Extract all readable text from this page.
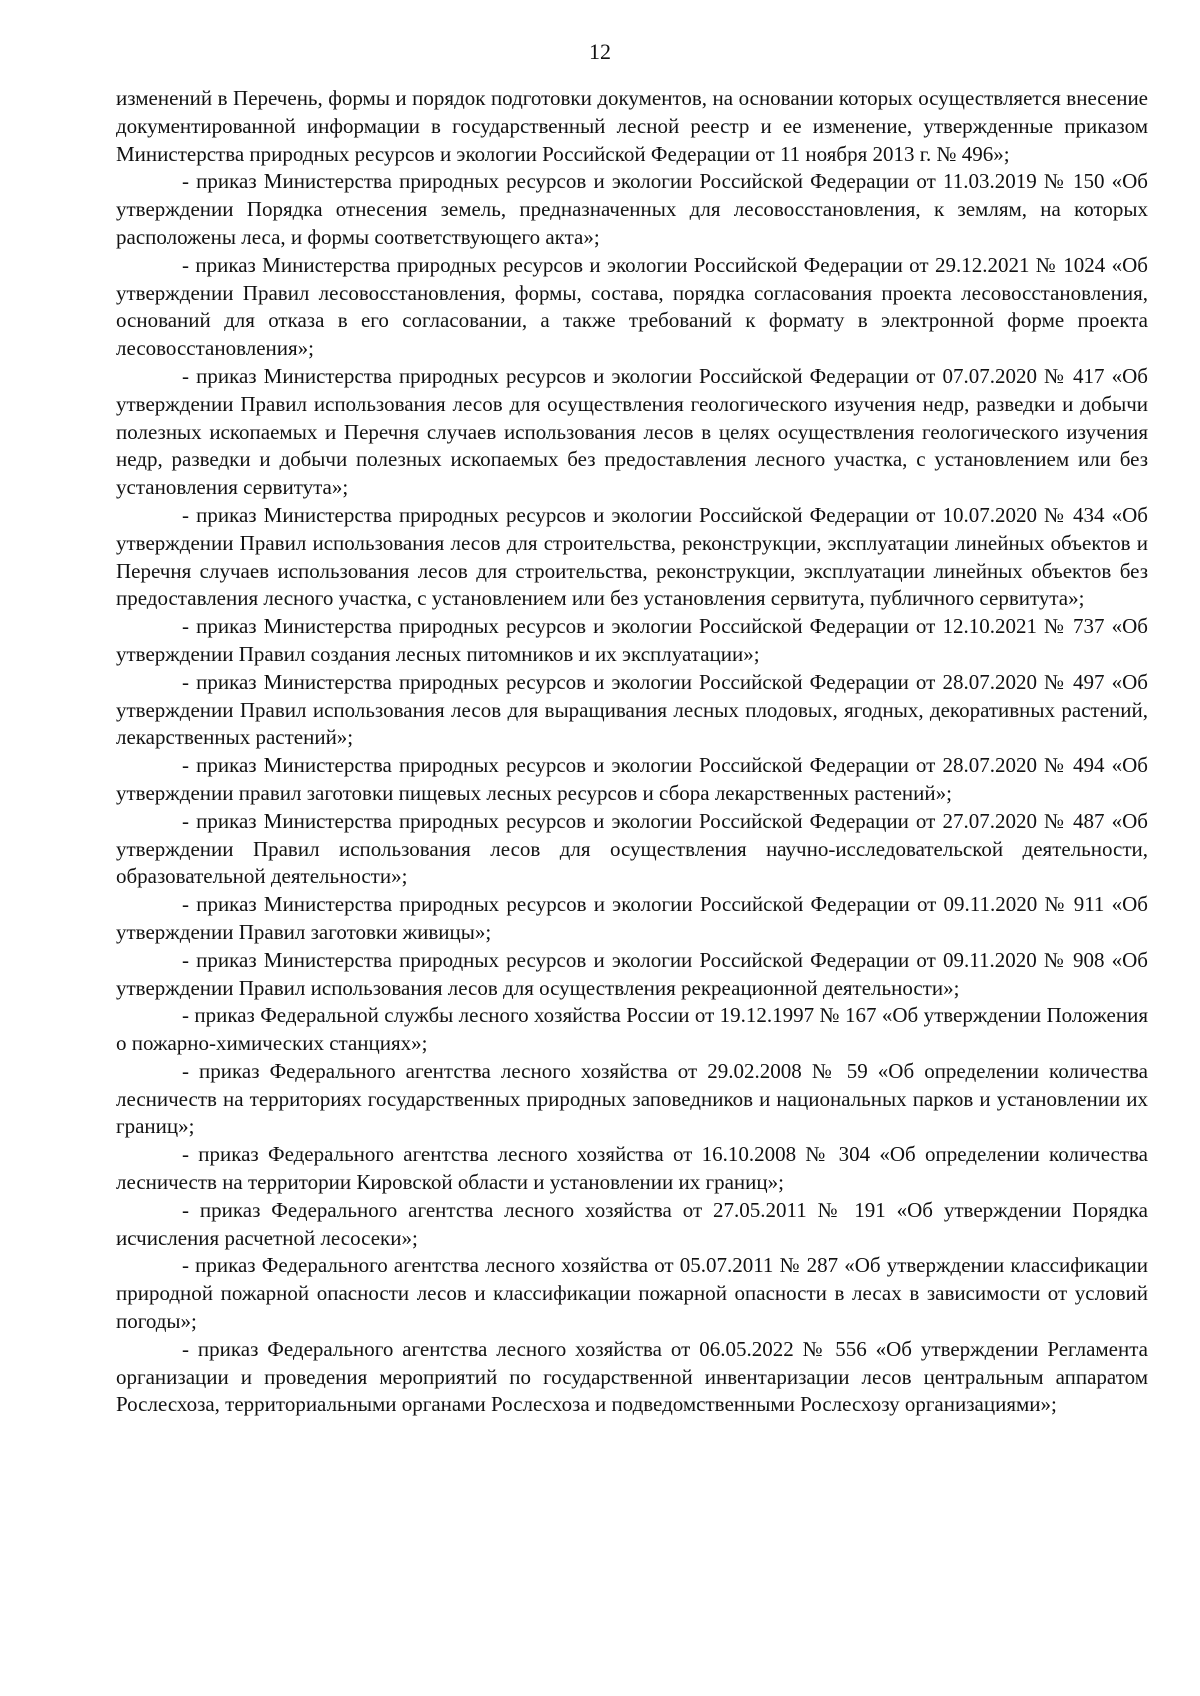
12

изменений в Перечень, формы и порядок подготовки документов, на основании которых осуществляется внесение документированной информации в государственный лесной реестр и ее изменение, утвержденные приказом Министерства природных ресурсов и экологии Российской Федерации от 11 ноября 2013 г. № 496»;

- приказ Министерства природных ресурсов и экологии Российской Федерации от 11.03.2019 № 150 «Об утверждении Порядка отнесения земель, предназначенных для лесовосстановления, к землям, на которых расположены леса, и формы соответствующего акта»;

- приказ Министерства природных ресурсов и экологии Российской Федерации от 29.12.2021 № 1024 «Об утверждении Правил лесовосстановления, формы, состава, порядка согласования проекта лесовосстановления, оснований для отказа в его согласовании, а также требований к формату в электронной форме проекта лесовосстановления»;

- приказ Министерства природных ресурсов и экологии Российской Федерации от 07.07.2020 № 417 «Об утверждении Правил использования лесов для осуществления геологического изучения недр, разведки и добычи полезных ископаемых и Перечня случаев использования лесов в целях осуществления геологического изучения недр, разведки и добычи полезных ископаемых без предоставления лесного участка, с установлением или без установления сервитута»;

- приказ Министерства природных ресурсов и экологии Российской Федерации от 10.07.2020 № 434 «Об утверждении Правил использования лесов для строительства, реконструкции, эксплуатации линейных объектов и Перечня случаев использования лесов для строительства, реконструкции, эксплуатации линейных объектов без предоставления лесного участка, с установлением или без установления сервитута, публичного сервитута»;

- приказ Министерства природных ресурсов и экологии Российской Федерации от 12.10.2021 № 737 «Об утверждении Правил создания лесных питомников и их эксплуатации»;

- приказ Министерства природных ресурсов и экологии Российской Федерации от 28.07.2020 № 497 «Об утверждении Правил использования лесов для выращивания лесных плодовых, ягодных, декоративных растений, лекарственных растений»;

- приказ Министерства природных ресурсов и экологии Российской Федерации от 28.07.2020 № 494 «Об утверждении правил заготовки пищевых лесных ресурсов и сбора лекарственных растений»;

- приказ Министерства природных ресурсов и экологии Российской Федерации от 27.07.2020 № 487 «Об утверждении Правил использования лесов для осуществления научно-исследовательской деятельности, образовательной деятельности»;

- приказ Министерства природных ресурсов и экологии Российской Федерации от 09.11.2020 № 911 «Об утверждении Правил заготовки живицы»;

- приказ Министерства природных ресурсов и экологии Российской Федерации от 09.11.2020 № 908 «Об утверждении Правил использования лесов для осуществления рекреационной деятельности»;

- приказ Федеральной службы лесного хозяйства России от 19.12.1997 № 167 «Об утверждении Положения о пожарно-химических станциях»;

- приказ Федерального агентства лесного хозяйства от 29.02.2008 № 59 «Об определении количества лесничеств на территориях государственных природных заповедников и национальных парков и установлении их границ»;

- приказ Федерального агентства лесного хозяйства от 16.10.2008 № 304 «Об определении количества лесничеств на территории Кировской области и установлении их границ»;

- приказ Федерального агентства лесного хозяйства от 27.05.2011 № 191 «Об утверждении Порядка исчисления расчетной лесосеки»;

- приказ Федерального агентства лесного хозяйства от 05.07.2011 № 287 «Об утверждении классификации природной пожарной опасности лесов и классификации пожарной опасности в лесах в зависимости от условий погоды»;

- приказ Федерального агентства лесного хозяйства от 06.05.2022 № 556 «Об утверждении Регламента организации и проведения мероприятий по государственной инвентаризации лесов центральным аппаратом Рослесхоза, территориальными органами Рослесхоза и подведомственными Рослесхозу организациями»;
